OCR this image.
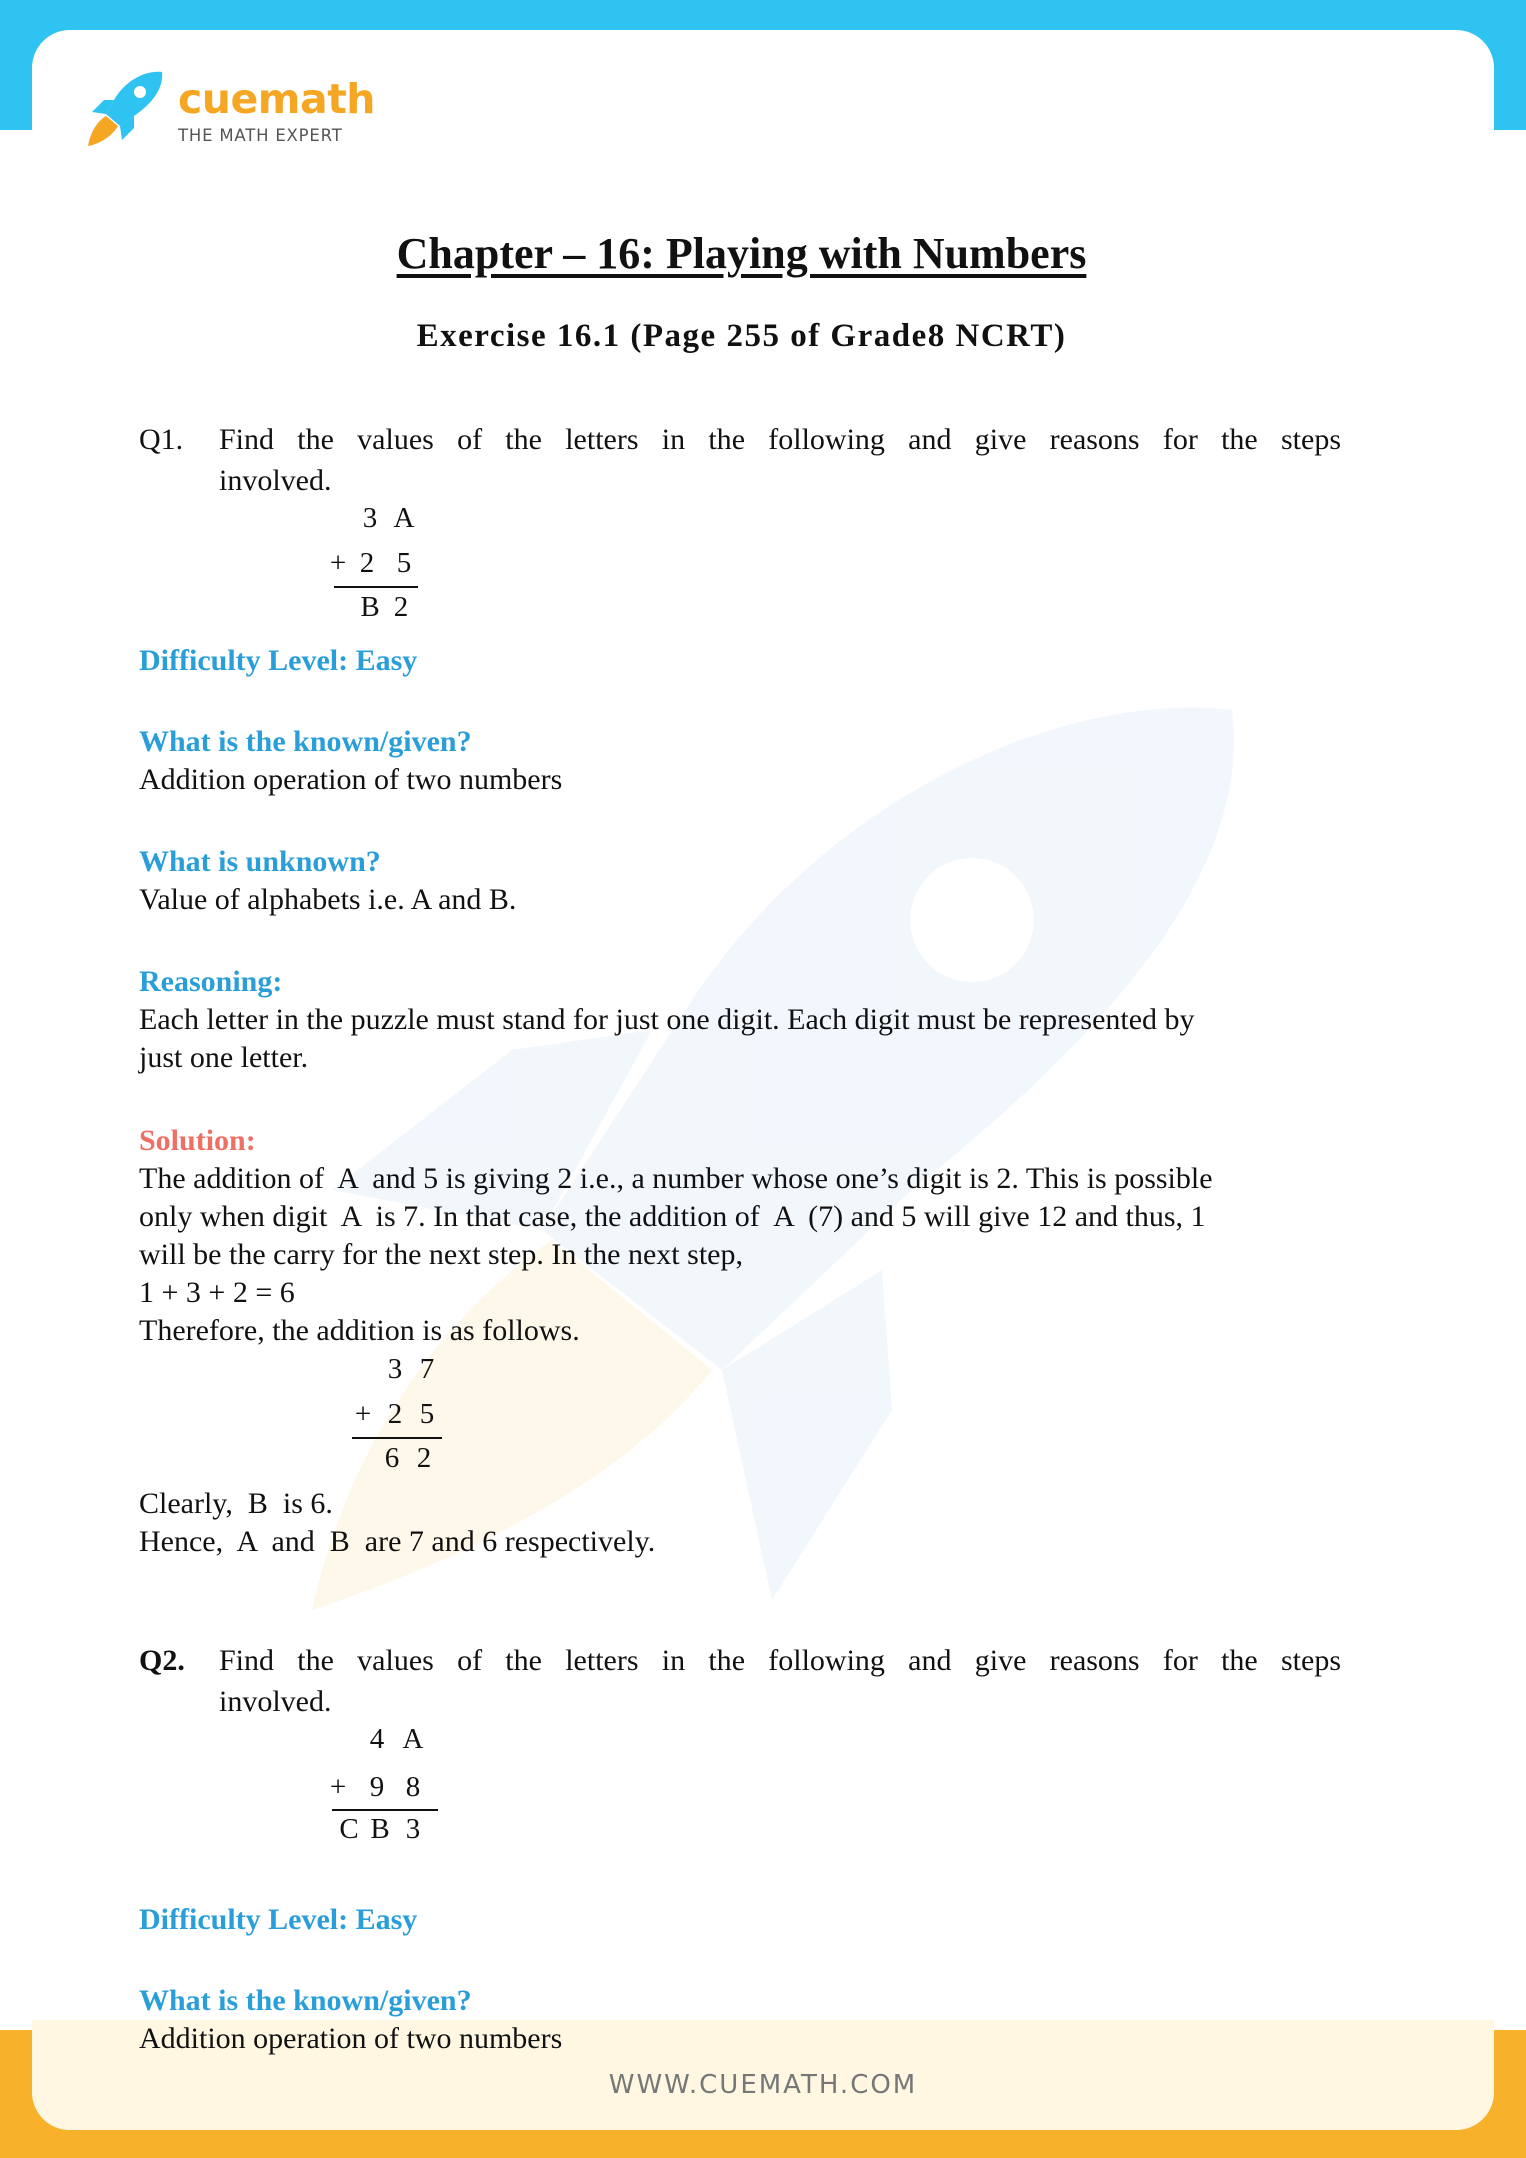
cuemath
THE MATH EXPERT
Chapter – 16: Playing with Numbers
Exercise 16.1 (Page 255 of Grade8 NCRT)
Q1. Find the values of the letters in the following and give reasons for the steps
involved.
3 A
+ 2 5
B 2
Difficulty Level: Easy
What is the known/given?
Addition operation of two numbers
What is unknown?
Value of alphabets i.e. A and B.
Reasoning:
Each letter in the puzzle must stand for just one digit. Each digit must be represented by
just one letter.
Solution:
The addition of  A  and 5 is giving 2 i.e., a number whose one’s digit is 2. This is possible
only when digit  A  is 7. In that case, the addition of  A  (7) and 5 will give 12 and thus, 1
will be the carry for the next step. In the next step,
1 + 3 + 2 = 6
Therefore, the addition is as follows.
3 7
+ 2 5
6 2
Clearly,  B  is 6.
Hence,  A  and  B  are 7 and 6 respectively.
Q2. Find the values of the letters in the following and give reasons for the steps
involved.
4 A
+ 9 8
C B 3
Difficulty Level: Easy
What is the known/given?
Addition operation of two numbers
WWW.CUEMATH.COM
